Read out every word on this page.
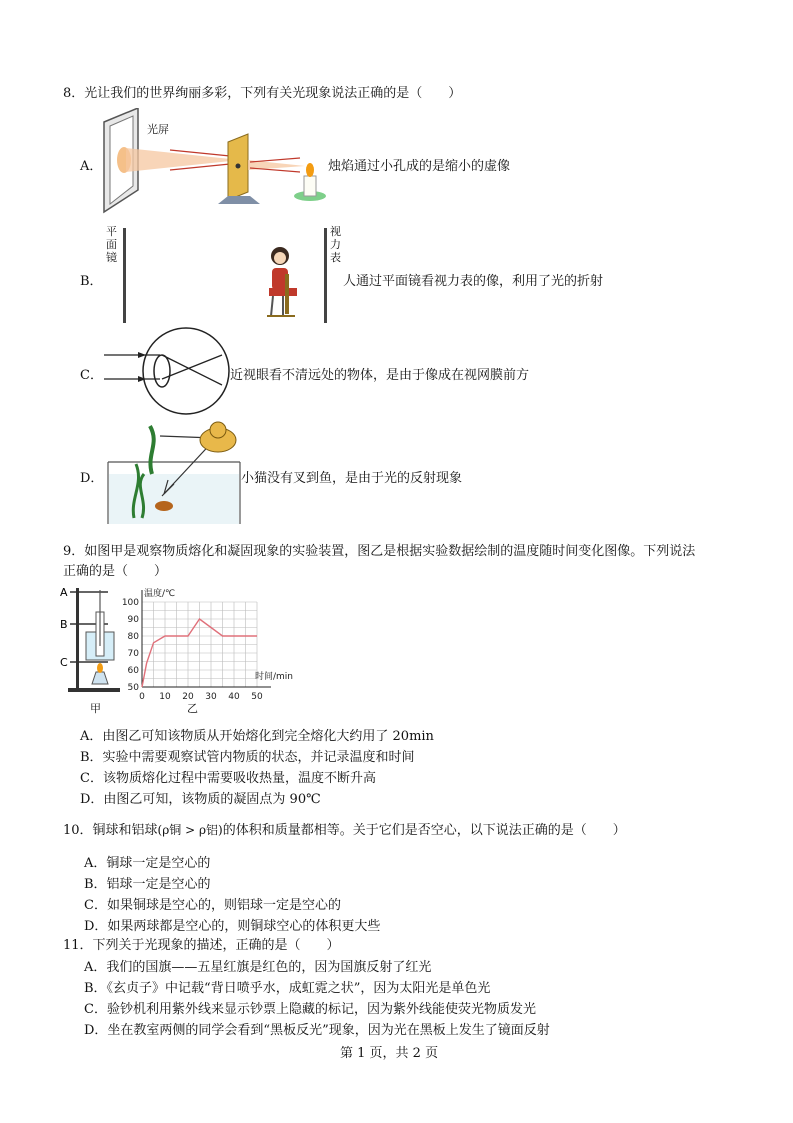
8．光让我们的世界绚丽多彩，下列有关光现象说法正确的是（　　）
A．
光屏
烛焰通过小孔成的是缩小的虚像
B．
平面镜
视力表
人通过平面镜看视力表的像，利用了光的折射
C．	近视眼看不清远处的物体，是由于像成在视网膜前方
D．	小猫没有叉到鱼，是由于光的反射现象
9．如图甲是观察物质熔化和凝固现象的实验装置，图乙是根据实验数据绘制的温度随时间变化图像。下列说法
正确的是（　　）
A
B
C
甲
0 10 20 30 40 50
50
60
70
80
90
100
温度/℃
时间/min
乙
A．由图乙可知该物质从开始熔化到完全熔化大约用了 20min
B．实验中需要观察试管内物质的状态，并记录温度和时间
C．该物质熔化过程中需要吸收热量，温度不断升高
D．由图乙可知，该物质的凝固点为 90℃
10．铜球和铝球(ρ铜 > ρ铝)的体积和质量都相等。关于它们是否空心，以下说法正确的是（　　）
A．铜球一定是空心的
B．铝球一定是空心的
C．如果铜球是空心的，则铝球一定是空心的
D．如果两球都是空心的，则铜球空心的体积更大些
11．下列关于光现象的描述，正确的是（　　）
A．我们的国旗——五星红旗是红色的，因为国旗反射了红光
B．《玄贞子》中记载“背日喷乎水，成虹霓之状”，因为太阳光是单色光
C．验钞机利用紫外线来显示钞票上隐藏的标记，因为紫外线能使荧光物质发光
D．坐在教室两侧的同学会看到“黑板反光”现象，因为光在黑板上发生了镜面反射
第 1 页，共 2 页
